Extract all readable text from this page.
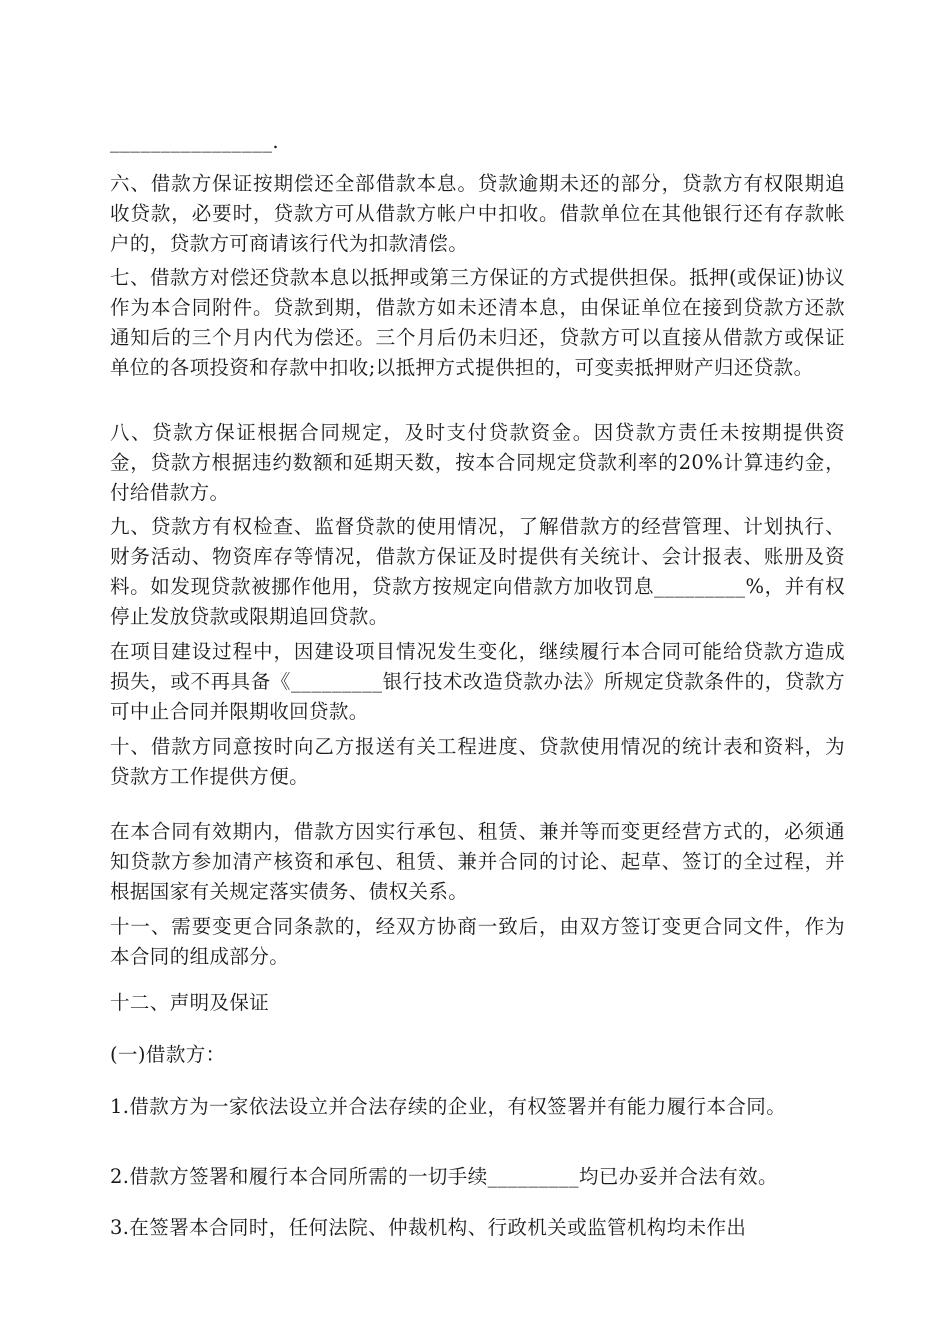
________________.

六、借款方保证按期偿还全部借款本息。贷款逾期未还的部分，贷款方有权限期追收贷款，必要时，贷款方可从借款方帐户中扣收。借款单位在其他银行还有存款帐户的，贷款方可商请该行代为扣款清偿。

七、借款方对偿还贷款本息以抵押或第三方保证的方式提供担保。抵押(或保证)协议作为本合同附件。贷款到期，借款方如未还清本息，由保证单位在接到贷款方还款通知后的三个月内代为偿还。三个月后仍未归还，贷款方可以直接从借款方或保证单位的各项投资和存款中扣收;以抵押方式提供担的，可变卖抵押财产归还贷款。

八、贷款方保证根据合同规定，及时支付贷款资金。因贷款方责任未按期提供资金，贷款方根据违约数额和延期天数，按本合同规定贷款利率的20%计算违约金，付给借款方。

九、贷款方有权检查、监督贷款的使用情况，了解借款方的经营管理、计划执行、财务活动、物资库存等情况，借款方保证及时提供有关统计、会计报表、账册及资料。如发现贷款被挪作他用，贷款方按规定向借款方加收罚息_________%，并有权停止发放贷款或限期追回贷款。

在项目建设过程中，因建设项目情况发生变化，继续履行本合同可能给贷款方造成损失，或不再具备《_________银行技术改造贷款办法》所规定贷款条件的，贷款方可中止合同并限期收回贷款。

十、借款方同意按时向乙方报送有关工程进度、贷款使用情况的统计表和资料，为贷款方工作提供方便。

在本合同有效期内，借款方因实行承包、租赁、兼并等而变更经营方式的，必须通知贷款方参加清产核资和承包、租赁、兼并合同的讨论、起草、签订的全过程，并根据国家有关规定落实债务、债权关系。

十一、需要变更合同条款的，经双方协商一致后，由双方签订变更合同文件，作为本合同的组成部分。

十二、声明及保证

(一)借款方：

1.借款方为一家依法设立并合法存续的企业，有权签署并有能力履行本合同。

2.借款方签署和履行本合同所需的一切手续_________均已办妥并合法有效。

3.在签署本合同时，任何法院、仲裁机构、行政机关或监管机构均未作出
